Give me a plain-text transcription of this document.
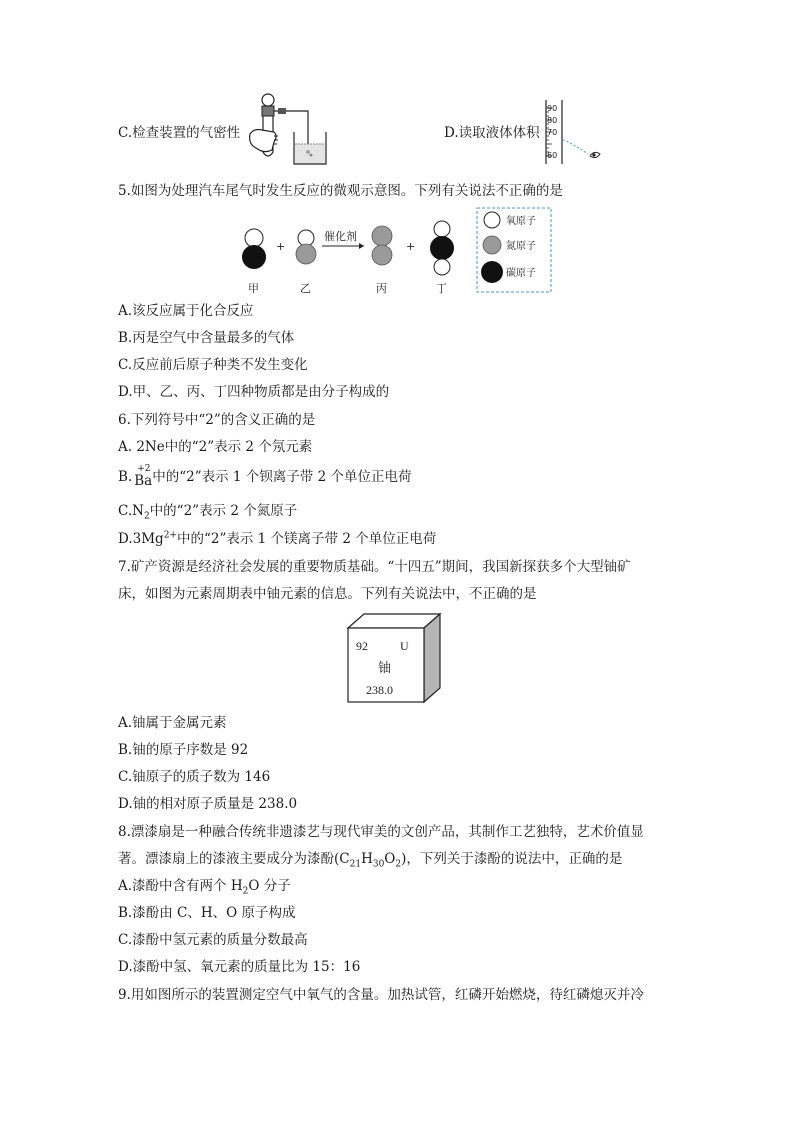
C.检查装置的气密性	D.读取液体体积
90
80
70
60
5.如图为处理汽车尾气时发生反应的微观示意图。下列有关说法不正确的是
+
催化剂
+
甲	乙	丙	丁
氧原子
氮原子
碳原子
A.该反应属于化合反应
B.丙是空气中含量最多的气体
C.反应前后原子种类不发生变化
D.甲、乙、丙、丁四种物质都是由分子构成的
6.下列符号中“2”的含义正确的是
A. 2Ne中的“2”表示 2 个氖元素
B.
+2
Ba 中的“2”表示 1 个钡离子带 2 个单位正电荷
$C.N_2$中的“2”表示 2 个氮原子
$D.3Mg^{2+}$中的“2”表示 1 个镁离子带 2 个单位正电荷
7.矿产资源是经济社会发展的重要物质基础。“十四五”期间，我国新探获多个大型铀矿
床，如图为元素周期表中铀元素的信息。下列有关说法中，不正确的是
92	U
铀
238.0
A.铀属于金属元素
B.铀的原子序数是 92
C.铀原子的质子数为 146
D.铀的相对原子质量是 238.0
8.漂漆扇是一种融合传统非遗漆艺与现代审美的文创产品，其制作工艺独特，艺术价值显
著。漂漆扇上的漆液主要成分为漆酚$(C_{21}H_{30}O_2)$，下列关于漆酚的说法中，正确的是
A.漆酚中含有两个 $H_2O$ 分子
B.漆酚由 C、H、O 原子构成
C.漆酚中氢元素的质量分数最高
D.漆酚中氢、氧元素的质量比为 15：16
9.用如图所示的装置测定空气中氧气的含量。加热试管，红磷开始燃烧，待红磷熄灭并冷
